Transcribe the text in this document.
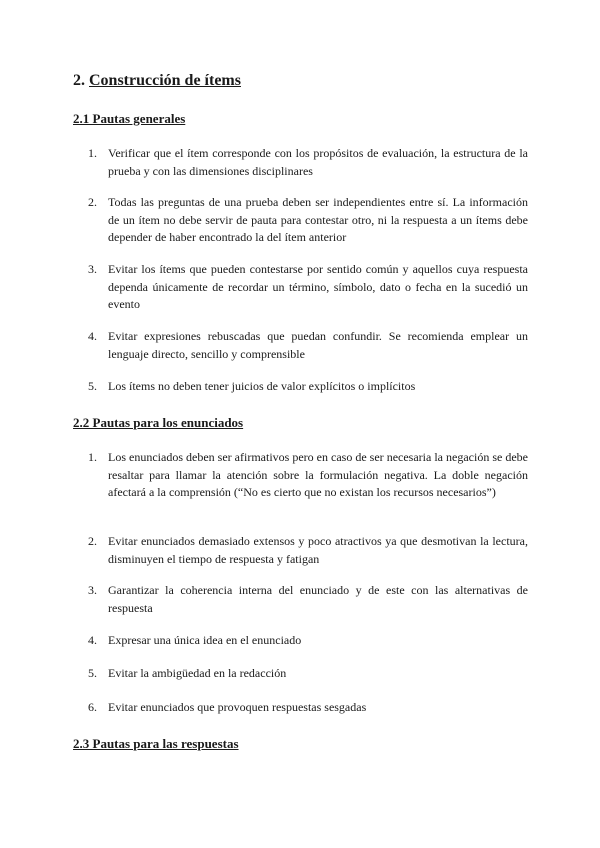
2. Construcción de ítems
2.1 Pautas generales
1. Verificar que el ítem corresponde con los propósitos de evaluación, la estructura de la prueba y con las dimensiones disciplinares
2. Todas las preguntas de una prueba deben ser independientes entre sí. La información de un ítem no debe servir de pauta para contestar otro, ni la respuesta a un ítems debe depender de haber encontrado la del ítem anterior
3. Evitar los ítems que pueden contestarse por sentido común y aquellos cuya respuesta dependa únicamente de recordar un término, símbolo, dato o fecha en la sucedió un evento
4. Evitar expresiones rebuscadas que puedan confundir. Se recomienda emplear un lenguaje directo, sencillo y comprensible
5. Los ítems no deben tener juicios de valor explícitos o implícitos
2.2 Pautas para los enunciados
1. Los enunciados deben ser afirmativos pero en caso de ser necesaria la negación se debe resaltar para llamar la atención sobre la formulación negativa. La doble negación afectará a la comprensión (“No es cierto que no existan los recursos necesarios”)
2. Evitar enunciados demasiado extensos y poco atractivos ya que desmotivan la lectura, disminuyen el tiempo de respuesta y fatigan
3. Garantizar la coherencia interna del enunciado y de este con las alternativas de respuesta
4. Expresar una única idea en el enunciado
5. Evitar la ambigüedad en la redacción
6. Evitar enunciados que provoquen respuestas sesgadas
2.3 Pautas para las respuestas
